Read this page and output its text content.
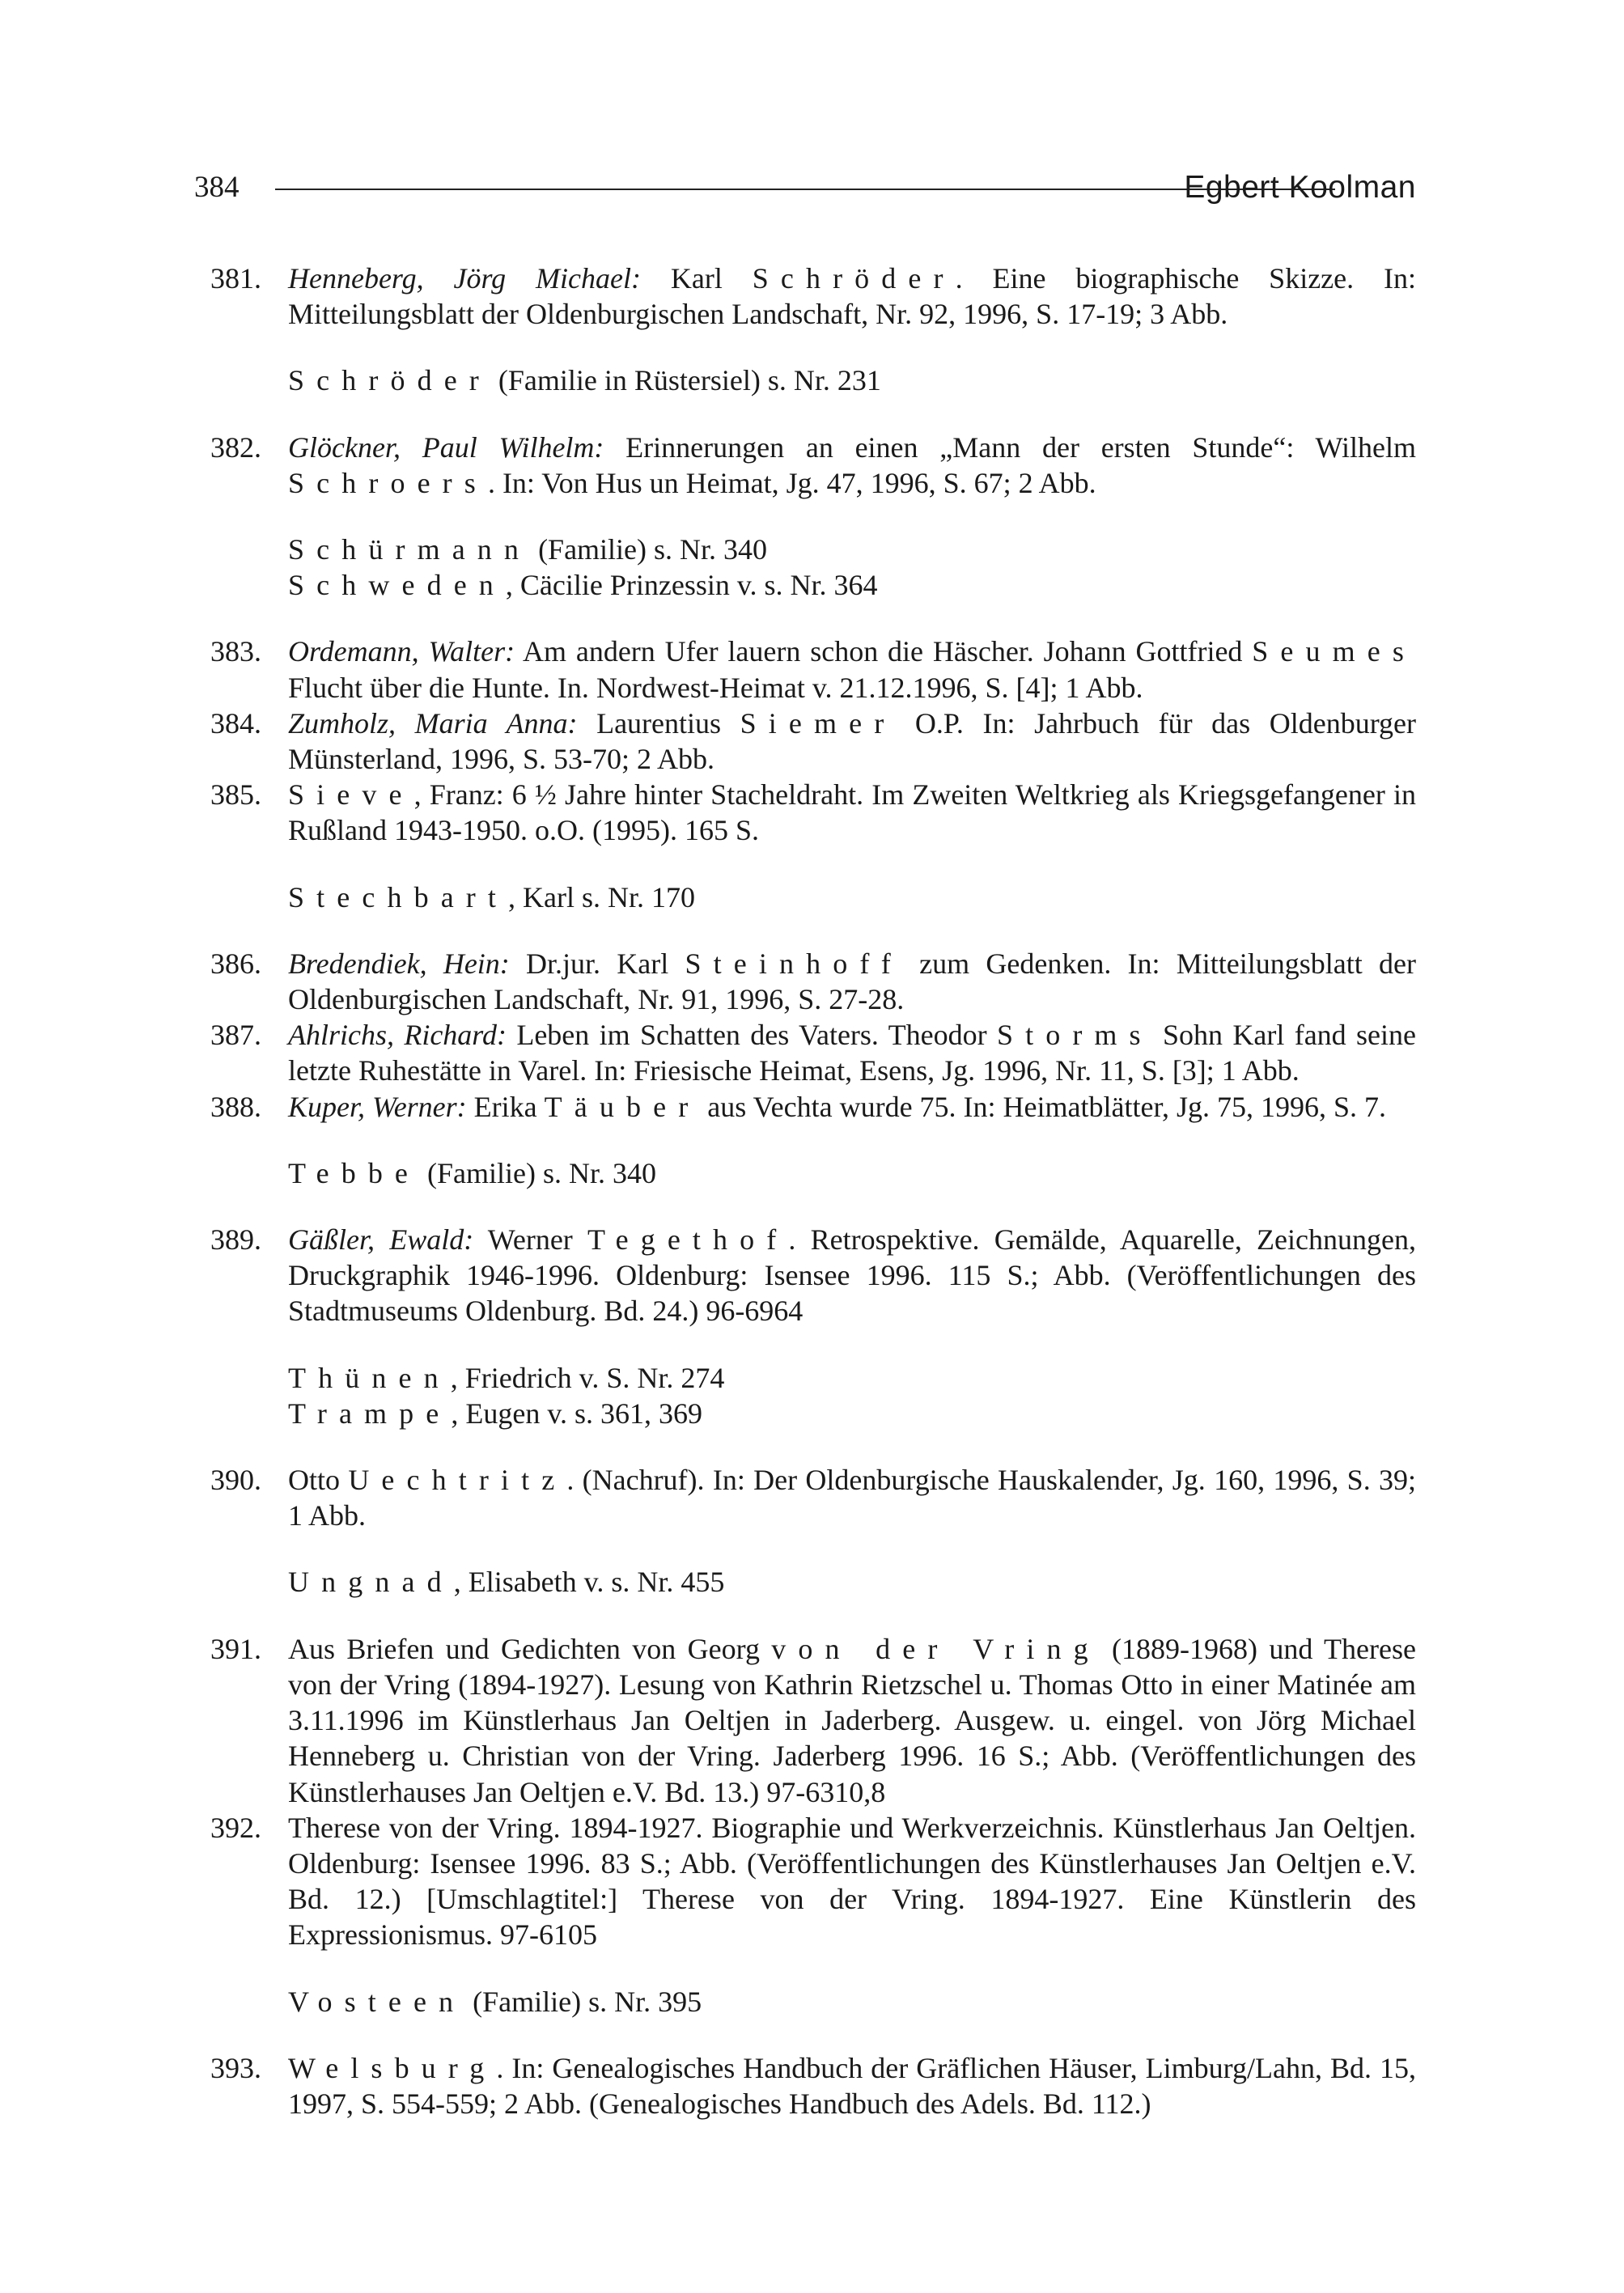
384	Egbert Koolman
381. Henneberg, Jörg Michael: Karl Schröder. Eine biographische Skizze. In: Mitteilungsblatt der Oldenburgischen Landschaft, Nr. 92, 1996, S. 17-19; 3 Abb.
Schröder (Familie in Rüstersiel) s. Nr. 231
382. Glöckner, Paul Wilhelm: Erinnerungen an einen „Mann der ersten Stunde“: Wilhelm Schroers. In: Von Hus un Heimat, Jg. 47, 1996, S. 67; 2 Abb.
Schürmann (Familie) s. Nr. 340
Schweden, Cäcilie Prinzessin v. s. Nr. 364
383. Ordemann, Walter: Am andern Ufer lauern schon die Häscher. Johann Gottfried Seumes Flucht über die Hunte. In. Nordwest-Heimat v. 21.12.1996, S. [4]; 1 Abb.
384. Zumholz, Maria Anna: Laurentius Siemer O.P. In: Jahrbuch für das Oldenburger Münsterland, 1996, S. 53-70; 2 Abb.
385. Sieve, Franz: 6 ½ Jahre hinter Stacheldraht. Im Zweiten Weltkrieg als Kriegsgefangener in Rußland 1943-1950. o.O. (1995). 165 S.
Stechbart, Karl s. Nr. 170
386. Bredendiek, Hein: Dr.jur. Karl Steinhoff zum Gedenken. In: Mitteilungsblatt der Oldenburgischen Landschaft, Nr. 91, 1996, S. 27-28.
387. Ahlrichs, Richard: Leben im Schatten des Vaters. Theodor Storms Sohn Karl fand seine letzte Ruhestätte in Varel. In: Friesische Heimat, Esens, Jg. 1996, Nr. 11, S. [3]; 1 Abb.
388. Kuper, Werner: Erika Täuber aus Vechta wurde 75. In: Heimatblätter, Jg. 75, 1996, S. 7.
Tebbe (Familie) s. Nr. 340
389. Gäßler, Ewald: Werner Tegethof. Retrospektive. Gemälde, Aquarelle, Zeichnungen, Druckgraphik 1946-1996. Oldenburg: Isensee 1996. 115 S.; Abb. (Veröffentlichungen des Stadtmuseums Oldenburg. Bd. 24.) 96-6964
Thünen, Friedrich v. S. Nr. 274
Trampe, Eugen v. s. 361, 369
390. Otto Uechtritz. (Nachruf). In: Der Oldenburgische Hauskalender, Jg. 160, 1996, S. 39; 1 Abb.
Ungnad, Elisabeth v. s. Nr. 455
391. Aus Briefen und Gedichten von Georg von der Vring (1889-1968) und Therese von der Vring (1894-1927). Lesung von Kathrin Rietzschel u. Thomas Otto in einer Matinée am 3.11.1996 im Künstlerhaus Jan Oeltjen in Jaderberg. Ausgew. u. eingel. von Jörg Michael Henneberg u. Christian von der Vring. Jaderberg 1996. 16 S.; Abb. (Veröffentlichungen des Künstlerhauses Jan Oeltjen e.V. Bd. 13.) 97-6310,8
392. Therese von der Vring. 1894-1927. Biographie und Werkverzeichnis. Künstlerhaus Jan Oeltjen. Oldenburg: Isensee 1996. 83 S.; Abb. (Veröffentlichungen des Künstlerhauses Jan Oeltjen e.V. Bd. 12.) [Umschlagtitel:] Therese von der Vring. 1894-1927. Eine Künstlerin des Expressionismus. 97-6105
Vosteen (Familie) s. Nr. 395
393. Welsburg. In: Genealogisches Handbuch der Gräflichen Häuser, Limburg/Lahn, Bd. 15, 1997, S. 554-559; 2 Abb. (Genealogisches Handbuch des Adels. Bd. 112.)
